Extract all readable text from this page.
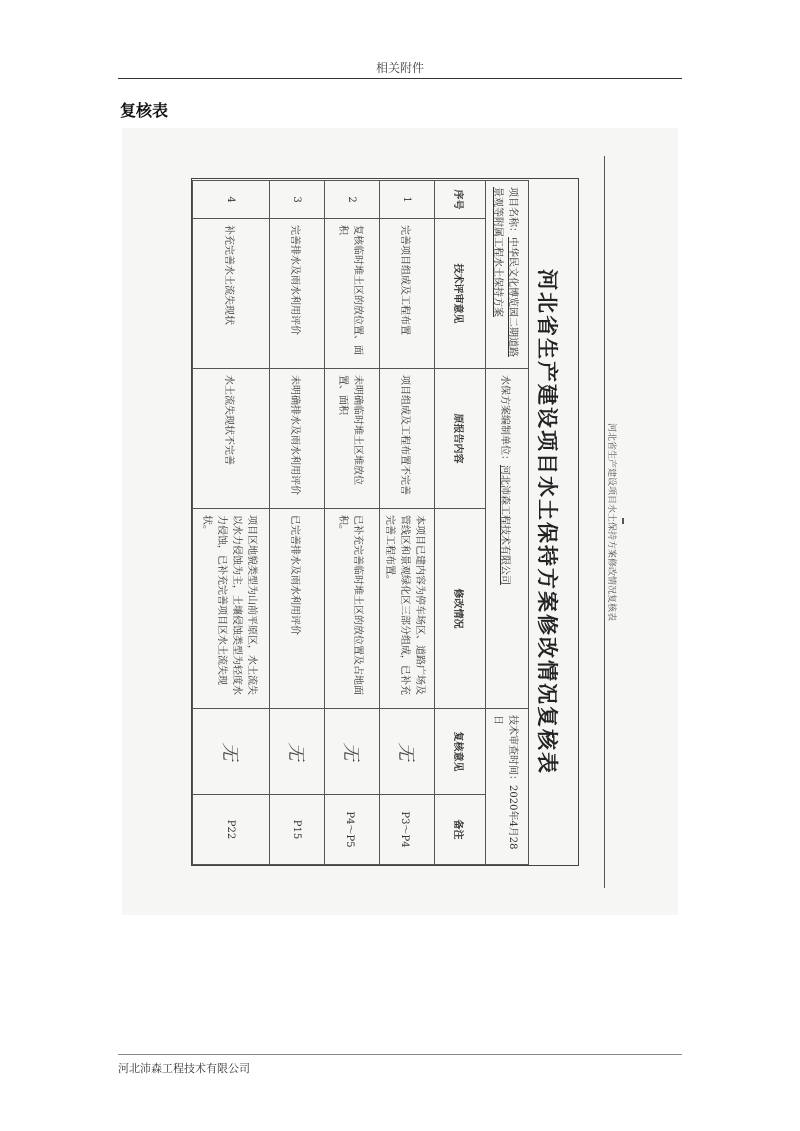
相关附件
复核表
河北省生产建设项目水土保持方案修改情况复核表
河北省生产建设项目水土保持方案修改情况复核表
项目名称：中华民文化博览园二期道路景观等附属工程水土保持方案		水保方案编制单位：河北沛森工程技术有限公司		技术审查时间：2020年4月28日	
序号	技术评审意见	原报告内容	修改情况	复核意见	备注
1	完善项目组成及工程布置	项目组成及工程布置不完善	本项目已建内容为停车场区、道路广场及管线区和景观绿化区三部分组成，已补充完善工程布置。	无	P3～P4
2	复核临时堆土区的放位置、面积	未明确临时堆土区堆放位置、面积	已补充完善临时堆土区的放位置及占地面积。	无	P4～P5
3	完善排水及雨水利用评价	未明确排水及雨水利用评价	已完善排水及雨水利用评价	无	P15
4	补充完善水土流失现状	水土流失现状不完善	项目区地貌类型为山前平原区，水土流失以水力侵蚀为主，土壤侵蚀类型为轻度水力侵蚀，已补充完善项目区水土流失现状。	无	P22
河北沛森工程技术有限公司
